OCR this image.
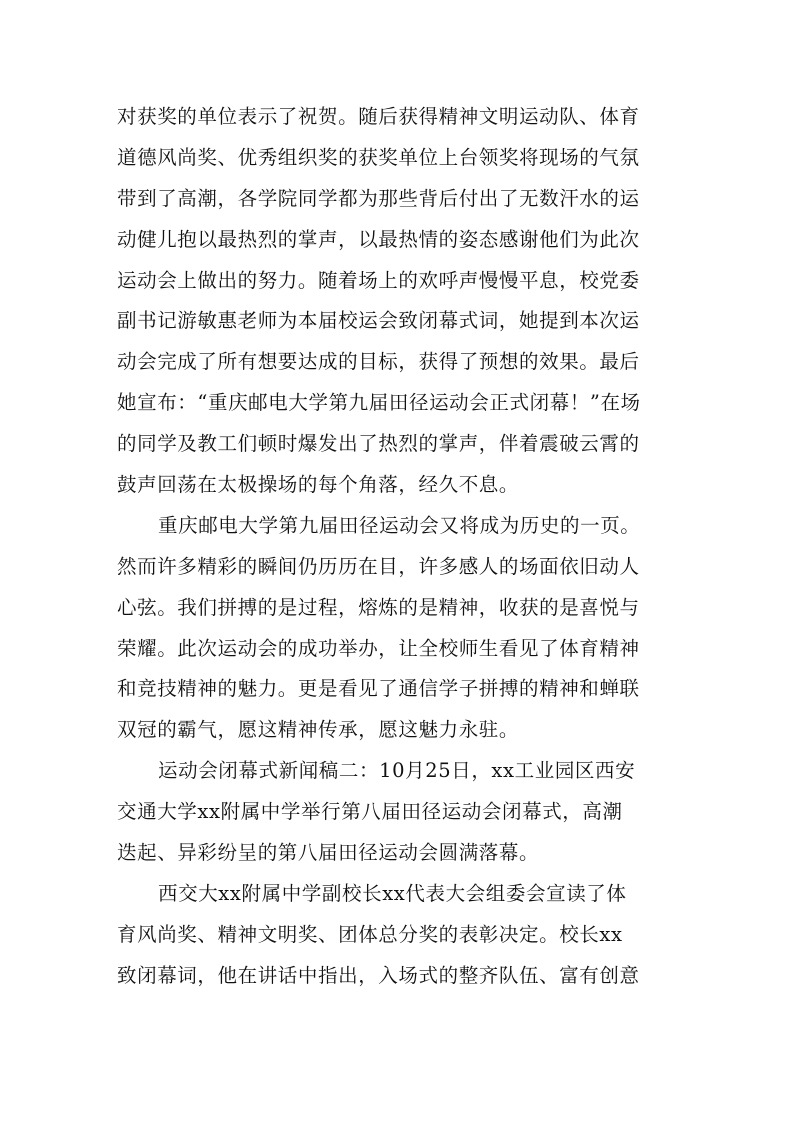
对获奖的单位表示了祝贺。随后获得精神文明运动队、体育
道德风尚奖、优秀组织奖的获奖单位上台领奖将现场的气氛
带到了高潮，各学院同学都为那些背后付出了无数汗水的运
动健儿抱以最热烈的掌声，以最热情的姿态感谢他们为此次
运动会上做出的努力。随着场上的欢呼声慢慢平息，校党委
副书记游敏惠老师为本届校运会致闭幕式词，她提到本次运
动会完成了所有想要达成的目标，获得了预想的效果。最后
她宣布：“重庆邮电大学第九届田径运动会正式闭幕！”在场
的同学及教工们顿时爆发出了热烈的掌声，伴着震破云霄的
鼓声回荡在太极操场的每个角落，经久不息。
重庆邮电大学第九届田径运动会又将成为历史的一页。
然而许多精彩的瞬间仍历历在目，许多感人的场面依旧动人
心弦。我们拼搏的是过程，熔炼的是精神，收获的是喜悦与
荣耀。此次运动会的成功举办，让全校师生看见了体育精神
和竞技精神的魅力。更是看见了通信学子拼搏的精神和蝉联
双冠的霸气，愿这精神传承，愿这魅力永驻。
运动会闭幕式新闻稿二：10月25日，xx工业园区西安
交通大学xx附属中学举行第八届田径运动会闭幕式，高潮
迭起、异彩纷呈的第八届田径运动会圆满落幕。
西交大xx附属中学副校长xx代表大会组委会宣读了体
育风尚奖、精神文明奖、团体总分奖的表彰决定。校长xx
致闭幕词，他在讲话中指出，入场式的整齐队伍、富有创意
